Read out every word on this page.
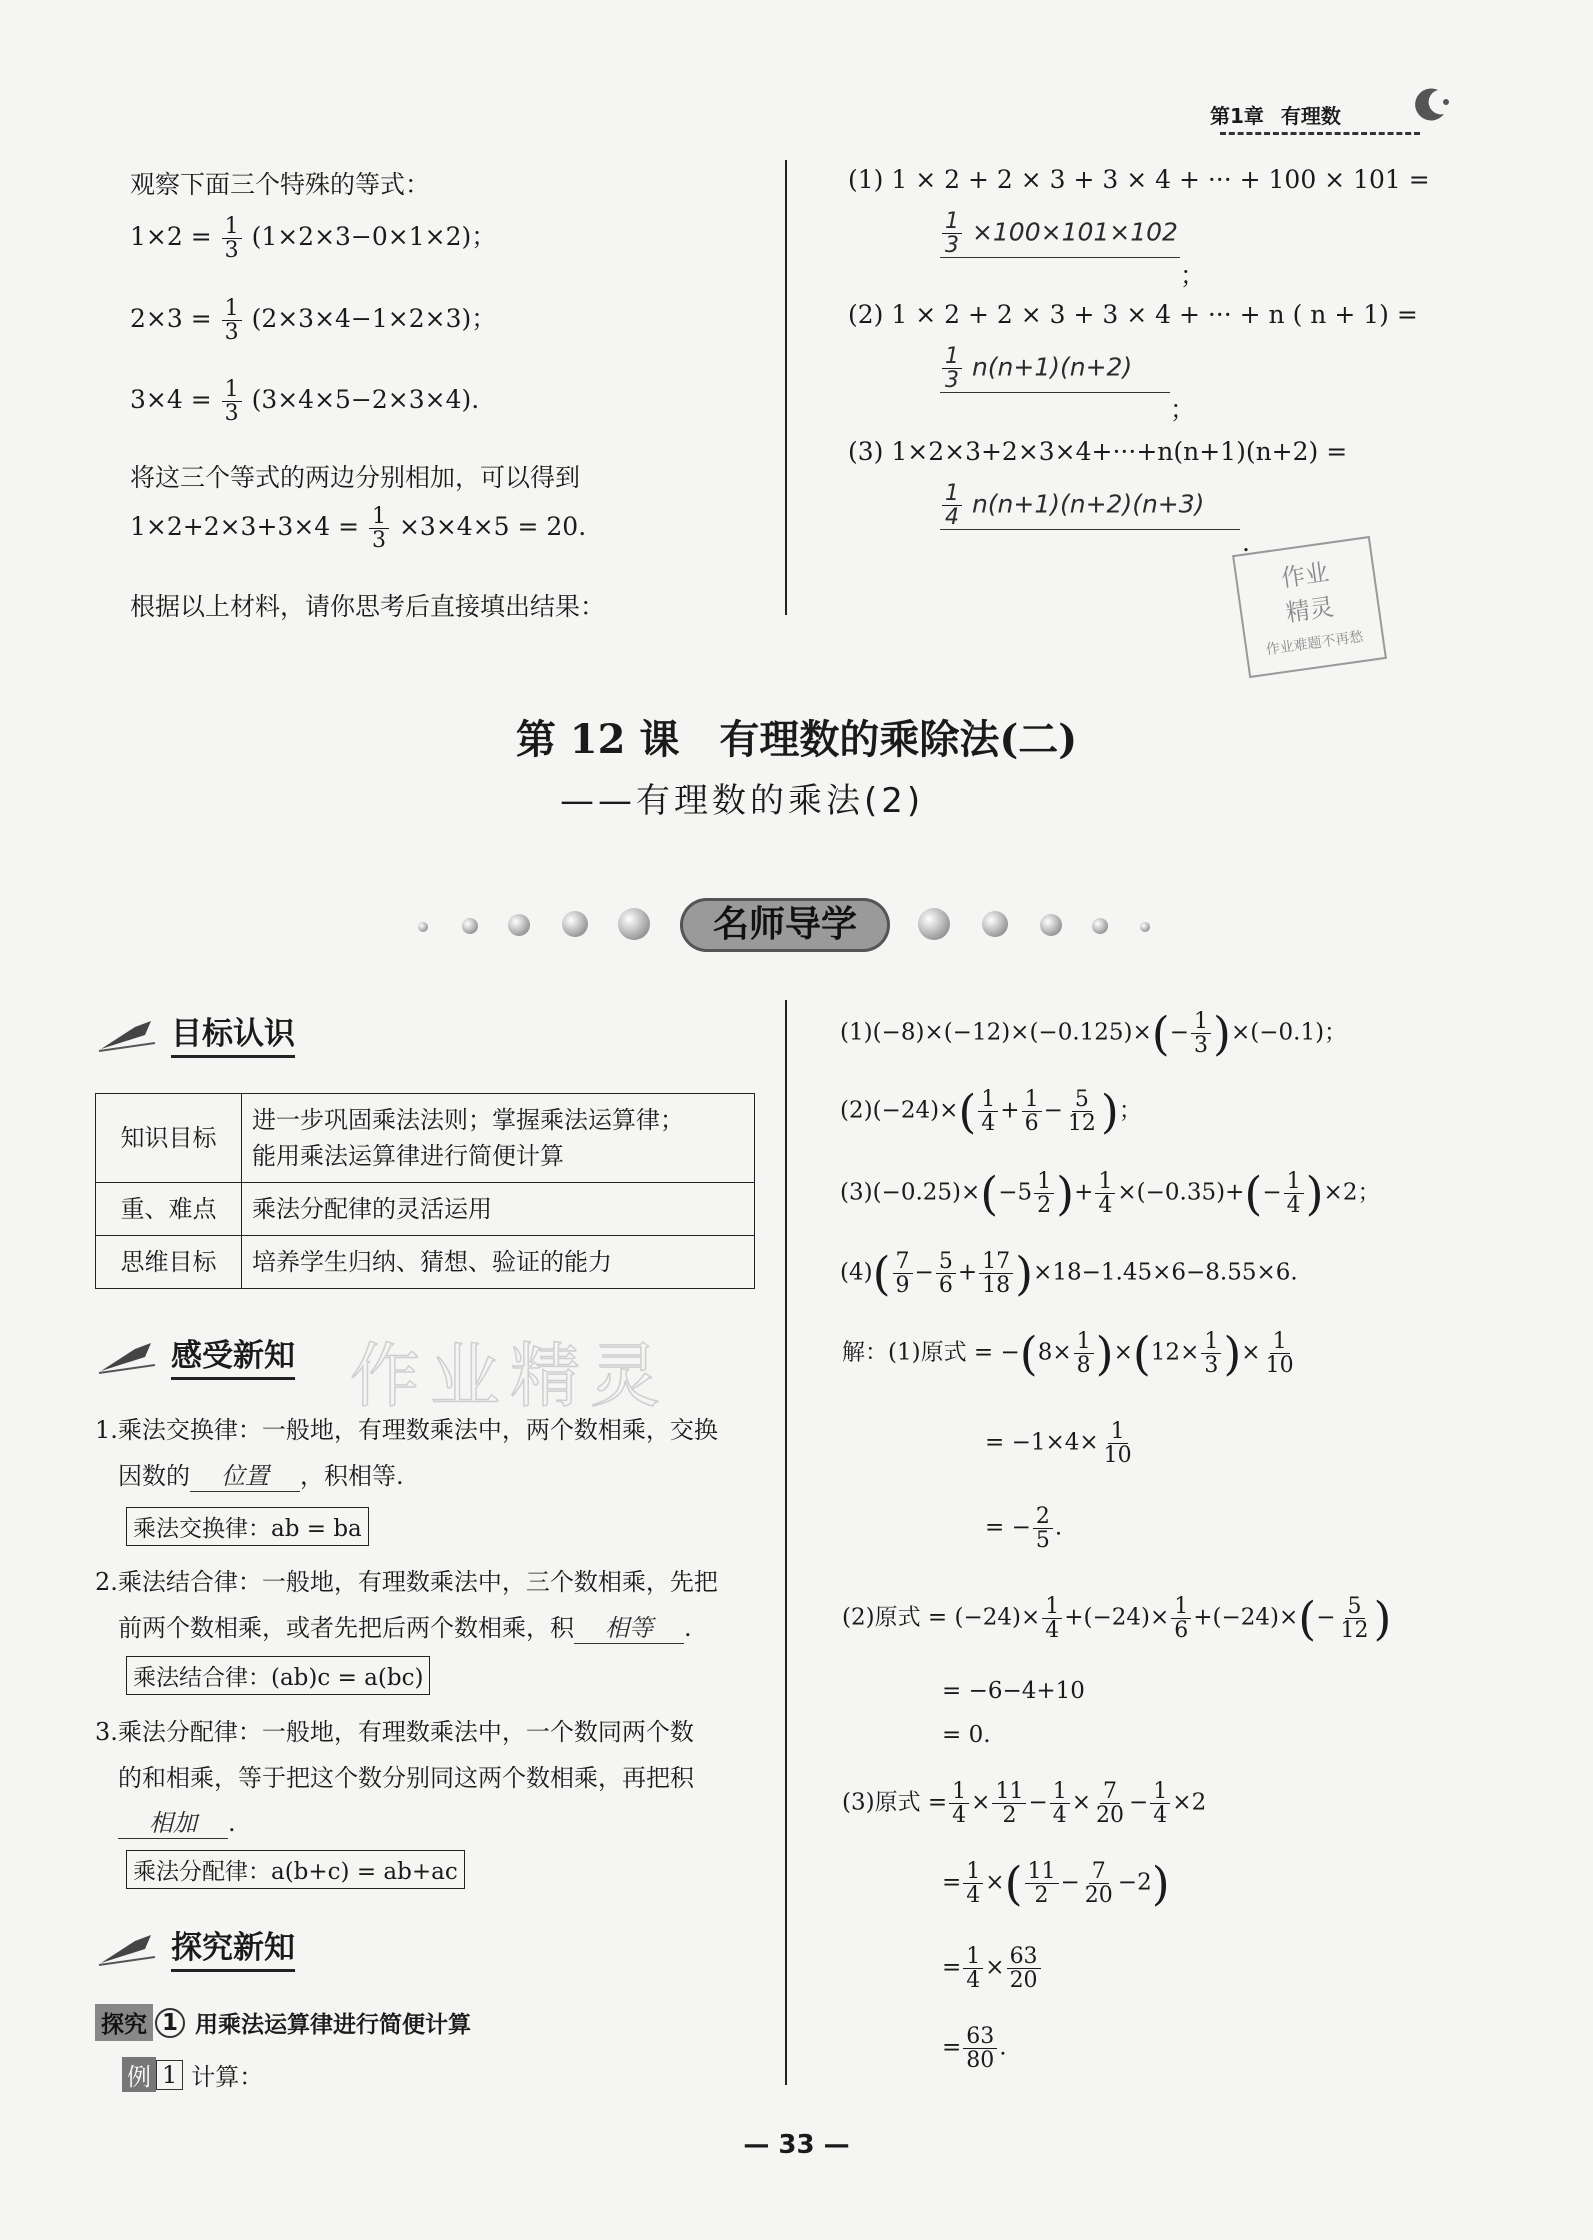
第1章 有理数
观察下面三个特殊的等式：
$1\times 2 = \frac{1}{3} (1\times 2\times 3-0\times 1\times 2)$；
$2\times 3 = \frac{1}{3} (2\times 3\times 4-1\times 2\times 3)$；
$3\times 4 = \frac{1}{3} (3\times 4\times 5-2\times 3\times 4)$.
将这三个等式的两边分别相加，可以得到
$1\times 2+2\times 3+3\times 4 = \frac{1}{3} \times 3\times 4\times 5 = 20$.
根据以上材料，请你思考后直接填出结果：
(1) 1 × 2 + 2 × 3 + 3 × 4 + ··· + 100 × 101 =
$\frac{1}{3} \times 100\times 101\times 102$
；
(2) 1 × 2 + 2 × 3 + 3 × 4 + ··· + n ( n + 1) =
$\frac{1}{3} n(n+1)(n+2)$
；
(3) 1×2×3+2×3×4+···+n(n+1)(n+2) =
$\frac{1}{4} n(n+1)(n+2)(n+3)$
.
作业
精灵
作业难题不再愁
第 12 课　有理数的乘除法(二)
——有理数的乘法(2)
名师导学
目标认识
知识目标	进一步巩固乘法法则；掌握乘法运算律；
能用乘法运算律进行简便计算

重、难点	乘法分配律的灵活运用
思维目标	培养学生归纳、猜想、验证的能力
感受新知 作业精灵
1.乘法交换律：一般地，有理数乘法中，两个数相乘，交换
因数的 位置 ，积相等.
乘法交换律：ab = ba
2.乘法结合律：一般地，有理数乘法中，三个数相乘，先把
前两个数相乘，或者先把后两个数相乘，积 相等 .
乘法结合律：(ab)c = a(bc)
3.乘法分配律：一般地，有理数乘法中，一个数同两个数
的和相乘，等于把这个数分别同这两个数相乘，再把积
相加 .
乘法分配律：a(b+c) = ab+ac
探究新知
探究 1 用乘法运算律进行简便计算
例 1 计算：
$(1)(-8)\times(-12)\times(-0.125)\times(- \frac{1}{3} )\times(-0.1)$；
$(2)(-24)\times( \frac{1}{4} + \frac{1}{6} - \frac{5}{12}$ )；
$(3)(-0.25)\times(-5 \frac{1}{2}$ )+ $\frac{1}{4} \times(-0.35)+(- \frac{1}{4} )\times 2$；
$(4)( \frac{7}{9} - \frac{5}{6} + \frac{17}{18} )\times 18-1.45\times 6-8.55\times 6$.
解：(1)原式 = $-(8\times \frac{1}{8} )\times(12\times \frac{1}{3}$ )× $\frac{1}{10}$
= $-1\times 4\times \frac{1}{10}$
= − $\frac{2}{5}$ .
(2)原式 = $(-24)\times \frac{1}{4} +(-24)\times \frac{1}{6} +(-24)\times(- \frac{5}{12}$ )
= −6−4+10
= 0.
(3)原式 = $\frac{1}{4} \times \frac{11}{2} - \frac{1}{4} \times \frac{7}{20} - \frac{1}{4} \times 2$
= $\frac{1}{4}$ ×( $\frac{11}{2} - \frac{7}{20} -2$)
= $\frac{1}{4} \times \frac{63}{20}$
= $\frac{63}{80}$ .
— 33 —
